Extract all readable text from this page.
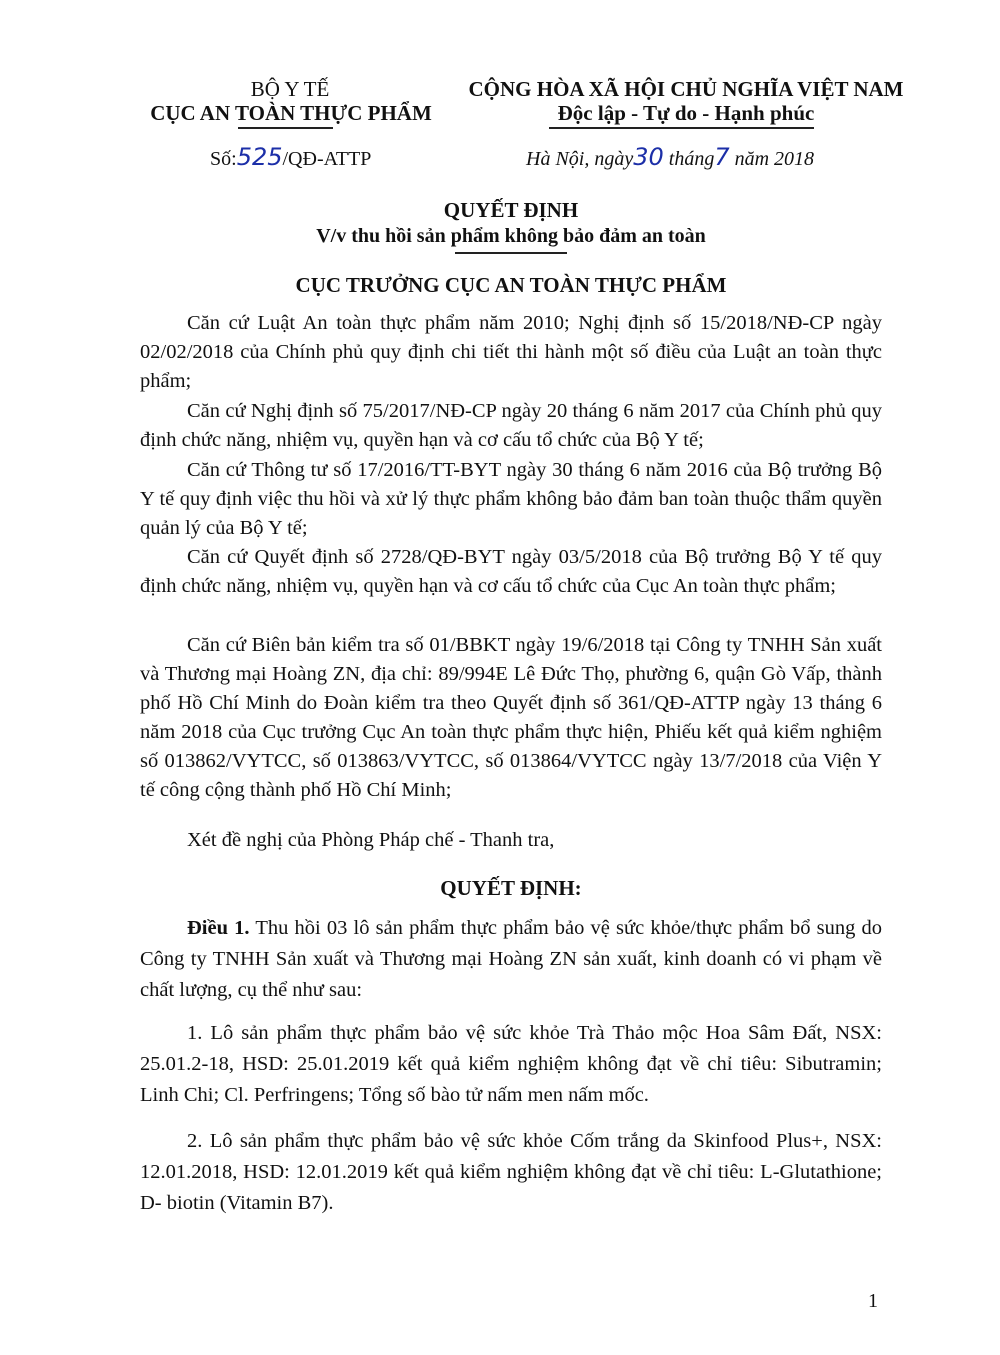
BỘ Y TẾ
CỤC AN TOÀN THỰC PHẨM
CỘNG HÒA XÃ HỘI CHỦ NGHĨA VIỆT NAM
Độc lập - Tự do - Hạnh phúc
Số:525/QĐ-ATTP	Hà Nội, ngày30 tháng7 năm 2018
QUYẾT ĐỊNH
V/v thu hồi sản phẩm không bảo đảm an toàn
CỤC TRƯỞNG CỤC AN TOÀN THỰC PHẨM
Căn cứ Luật An toàn thực phẩm năm 2010; Nghị định số 15/2018/NĐ-CP ngày 02/02/2018 của Chính phủ quy định chi tiết thi hành một số điều của Luật an toàn thực phẩm;
Căn cứ Nghị định số 75/2017/NĐ-CP ngày 20 tháng 6 năm 2017 của Chính phủ quy định chức năng, nhiệm vụ, quyền hạn và cơ cấu tổ chức của Bộ Y tế;
Căn cứ Thông tư số 17/2016/TT-BYT ngày 30 tháng 6 năm 2016 của Bộ trưởng Bộ Y tế quy định việc thu hồi và xử lý thực phẩm không bảo đảm ban toàn thuộc thẩm quyền quản lý của Bộ Y tế;
Căn cứ Quyết định số 2728/QĐ-BYT ngày 03/5/2018 của Bộ trưởng Bộ Y tế quy định chức năng, nhiệm vụ, quyền hạn và cơ cấu tổ chức của Cục An toàn thực phẩm;
Căn cứ Biên bản kiểm tra số 01/BBKT ngày 19/6/2018 tại Công ty TNHH Sản xuất và Thương mại Hoàng ZN, địa chỉ: 89/994E Lê Đức Thọ, phường 6, quận Gò Vấp, thành phố Hồ Chí Minh do Đoàn kiểm tra theo Quyết định số 361/QĐ-ATTP ngày 13 tháng 6 năm 2018 của Cục trưởng Cục An toàn thực phẩm thực hiện, Phiếu kết quả kiểm nghiệm số 013862/VYTCC, số 013863/VYTCC, số 013864/VYTCC ngày 13/7/2018 của Viện Y tế công cộng thành phố Hồ Chí Minh;
Xét đề nghị của Phòng Pháp chế - Thanh tra,
QUYẾT ĐỊNH:
Điều 1. Thu hồi 03 lô sản phẩm thực phẩm bảo vệ sức khỏe/thực phẩm bổ sung do Công ty TNHH Sản xuất và Thương mại Hoàng ZN sản xuất, kinh doanh có vi phạm về chất lượng, cụ thể như sau:
1. Lô sản phẩm thực phẩm bảo vệ sức khỏe Trà Thảo mộc Hoa Sâm Đất, NSX: 25.01.2-18, HSD: 25.01.2019 kết quả kiểm nghiệm không đạt về chỉ tiêu: Sibutramin; Linh Chi; Cl. Perfringens; Tổng số bào tử nấm men nấm mốc.
2. Lô sản phẩm thực phẩm bảo vệ sức khỏe Cốm trắng da Skinfood Plus+, NSX: 12.01.2018, HSD: 12.01.2019 kết quả kiểm nghiệm không đạt về chỉ tiêu: L-Glutathione; D- biotin (Vitamin B7).
1
